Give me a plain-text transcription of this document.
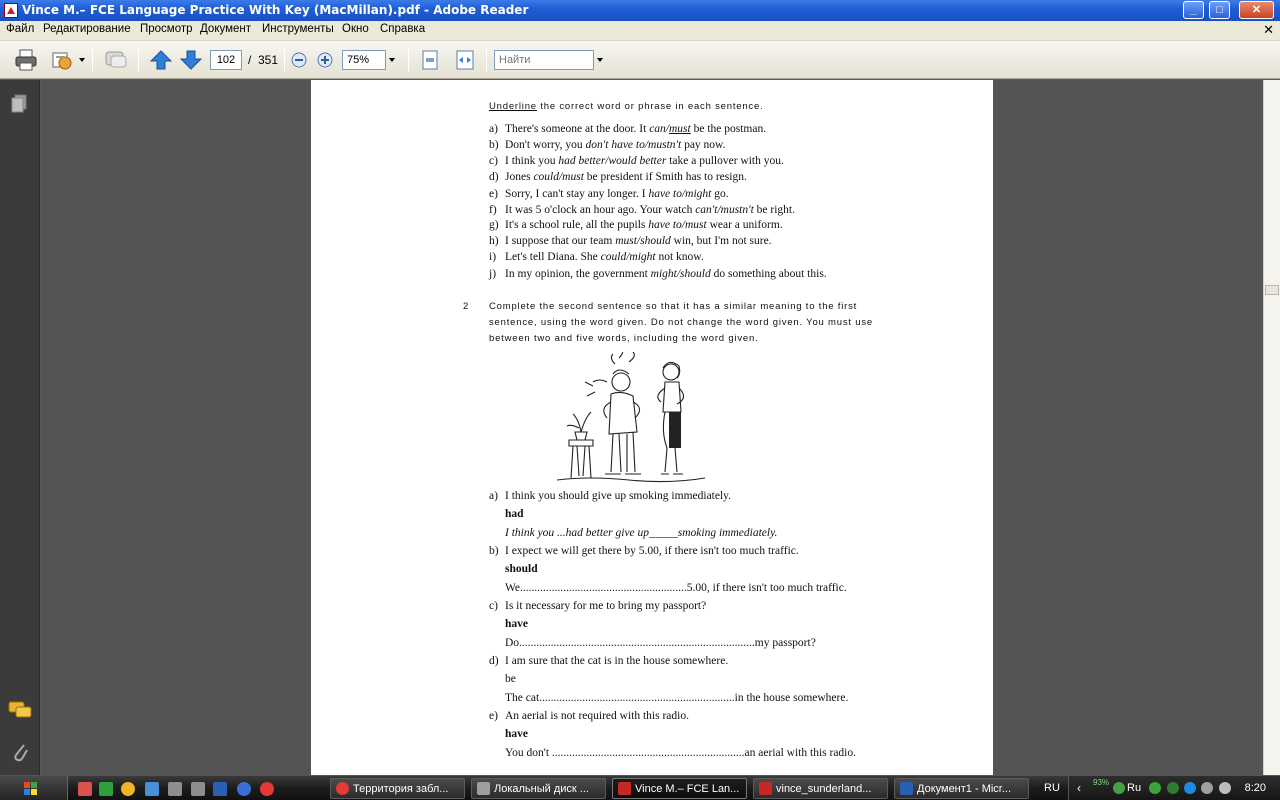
Vince M.– FCE Language Practice With Key (MacMillan).pdf - Adobe Reader	_	□	✕
Файл Редактирование Просмотр Документ Инструменты Окно Справка	✕
102
/ 351
75%
Найти
Underline the correct word or phrase in each sentence.
a) There's someone at the door. It can/must be the postman.
b) Don't worry, you don't have to/mustn't pay now.
c) I think you had better/would better take a pullover with you.
d) Jones could/must be president if Smith has to resign.
e) Sorry, I can't stay any longer. I have to/might go.
f) It was 5 o'clock an hour ago. Your watch can't/mustn't be right.
g) It's a school rule, all the pupils have to/must wear a uniform.
h) I suppose that our team must/should win, but I'm not sure.
i) Let's tell Diana. She could/might not know.
j) In my opinion, the government might/should do something about this.
2 Complete the second sentence so that it has a similar meaning to the first
sentence, using the word given. Do not change the word given. You must use
between two and five words, including the word given.
a) I think you should give up smoking immediately.
had
I think you ...had better give up_____smoking immediately.
b) I expect we will get there by 5.00, if there isn't too much traffic.
should
We..........................................................5.00, if there isn't too much traffic.
c) Is it necessary for me to bring my passport?
have
Do..................................................................................my passport?
d) I am sure that the cat is in the house somewhere.
be
The cat....................................................................in the house somewhere.
e) An aerial is not required with this radio.
have
You don't ...................................................................an aerial with this radio.
Территория забл...	Локальный диск ...	Vince M.– FCE Lan...	vince_sunderland...	Документ1 - Micr...	RU ‹ 93% Ru	8:20
